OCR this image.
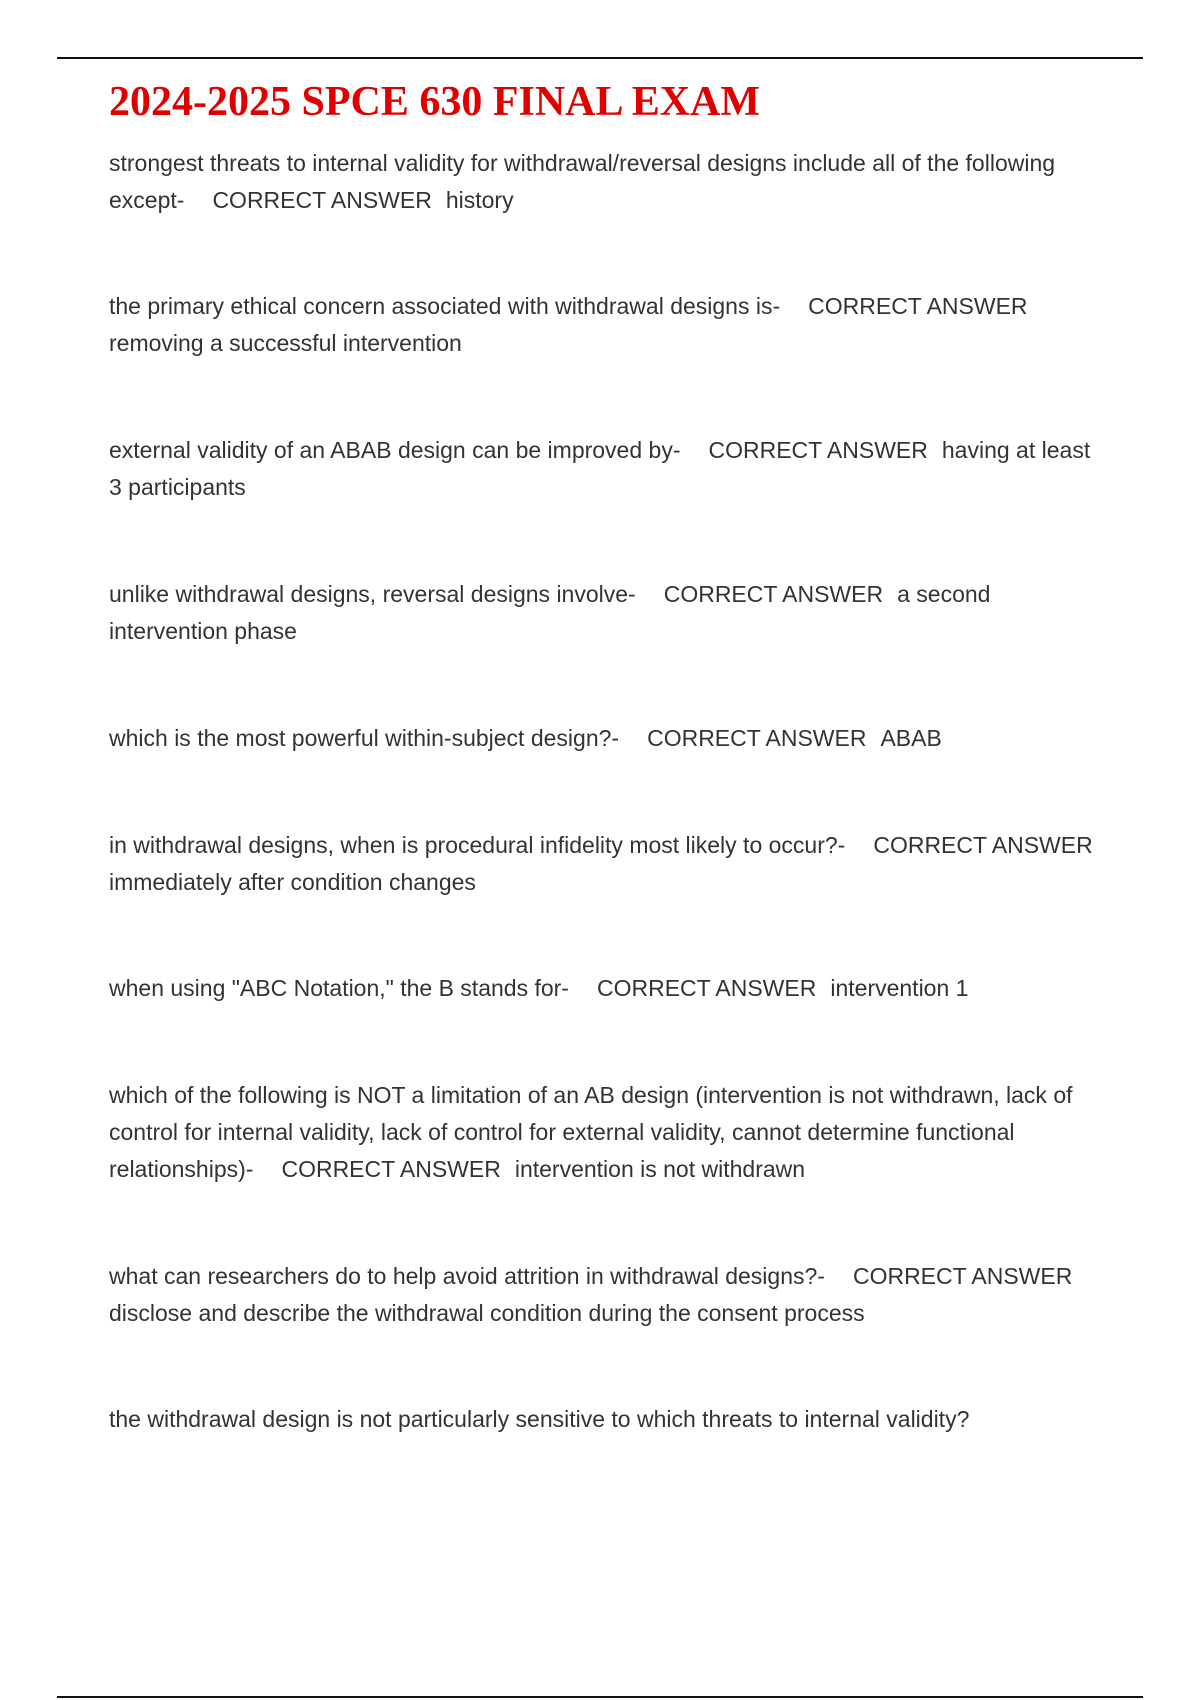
2024-2025 SPCE 630 FINAL EXAM

strongest threats to internal validity for withdrawal/reversal designs include all of the following except- CORRECT ANSWER history

the primary ethical concern associated with withdrawal designs is- CORRECT ANSWERremoving a successful intervention

external validity of an ABAB design can be improved by- CORRECT ANSWER having at least 3 participants

unlike withdrawal designs, reversal designs involve- CORRECT ANSWER a second intervention phase

which is the most powerful within-subject design?- CORRECT ANSWER ABAB

in withdrawal designs, when is procedural infidelity most likely to occur?- CORRECT ANSWERimmediately after condition changes

when using "ABC Notation," the B stands for- CORRECT ANSWER intervention 1

which of the following is NOT a limitation of an AB design (intervention is not withdrawn, lack of control for internal validity, lack of control for external validity, cannot determine functional relationships)- CORRECT ANSWER intervention is not withdrawn

what can researchers do to help avoid attrition in withdrawal designs?- CORRECT ANSWERdisclose and describe the withdrawal condition during the consent process

the withdrawal design is not particularly sensitive to which threats to internal validity?
